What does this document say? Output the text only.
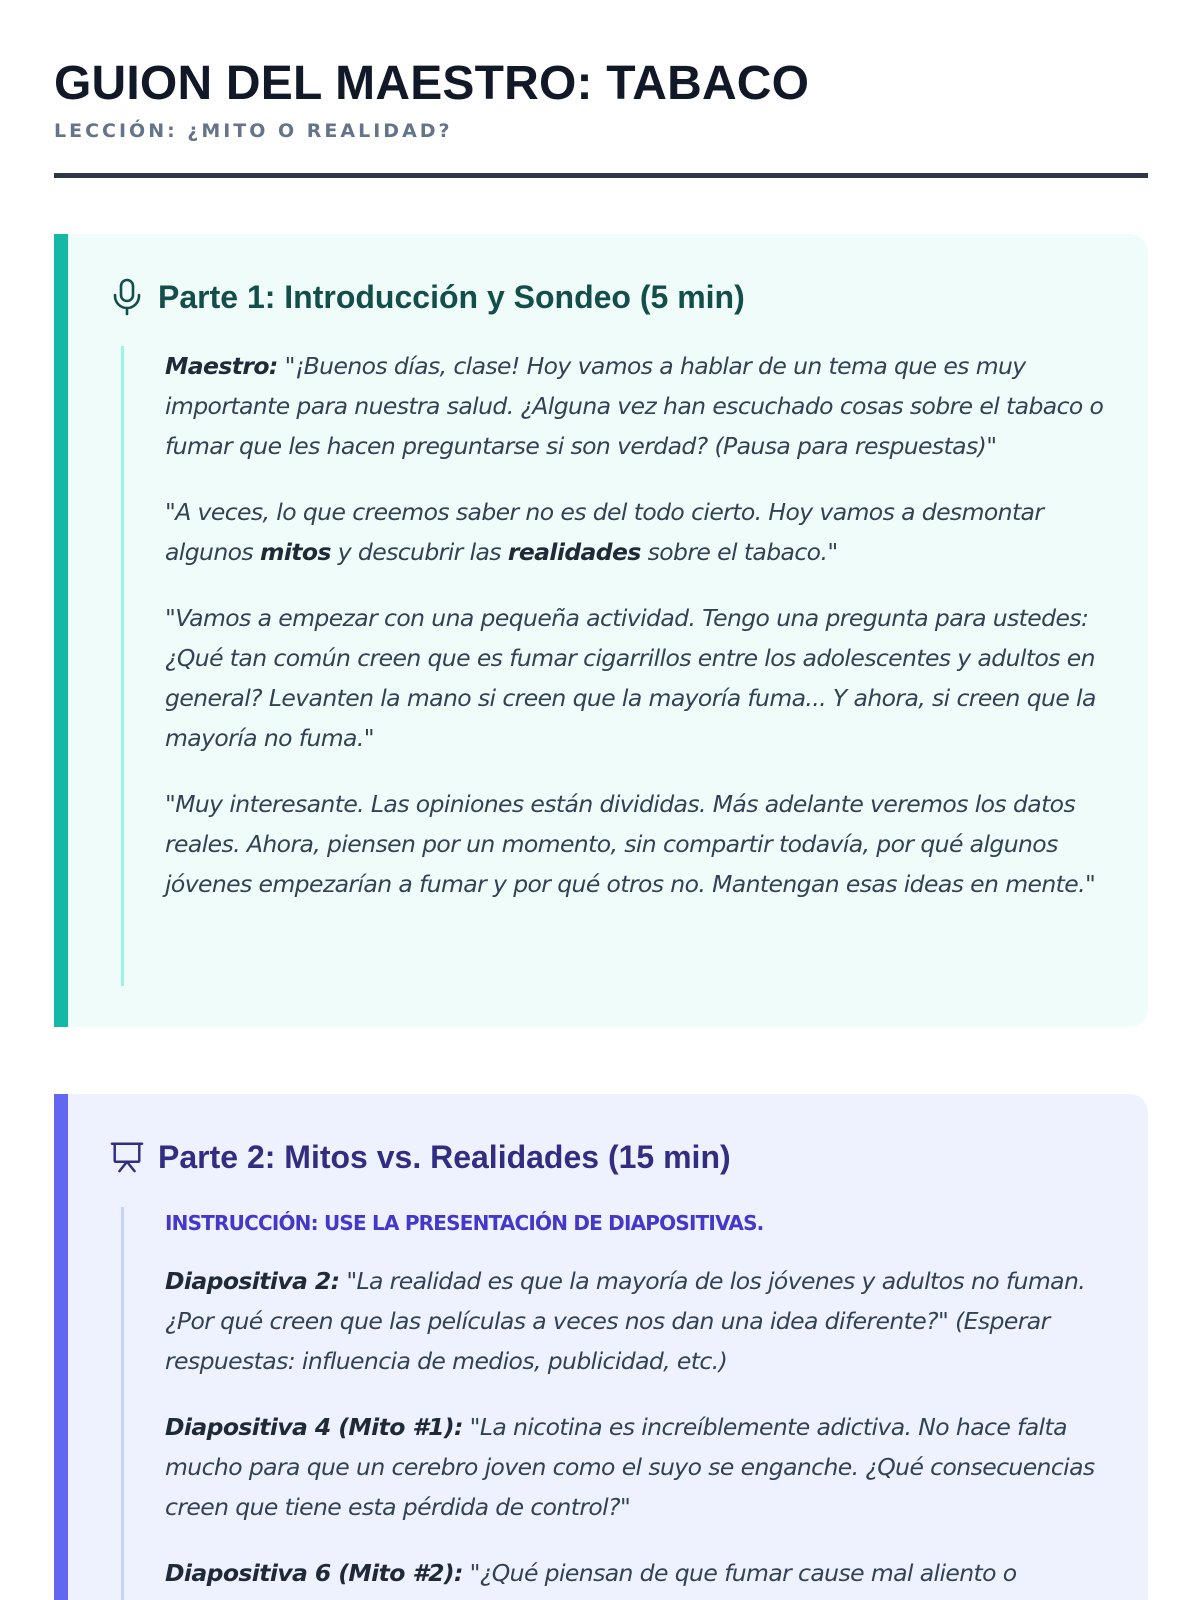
GUION DEL MAESTRO: TABACO
LECCIÓN: ¿MITO O REALIDAD?
Parte 1: Introducción y Sondeo (5 min)

Maestro: "¡Buenos días, clase! Hoy vamos a hablar de un tema que es muy importante para nuestra salud. ¿Alguna vez han escuchado cosas sobre el tabaco o fumar que les hacen preguntarse si son verdad? (Pausa para respuestas)"

"A veces, lo que creemos saber no es del todo cierto. Hoy vamos a desmontar algunos mitos y descubrir las realidades sobre el tabaco."

"Vamos a empezar con una pequeña actividad. Tengo una pregunta para ustedes: ¿Qué tan común creen que es fumar cigarrillos entre los adolescentes y adultos en general? Levanten la mano si creen que la mayoría fuma... Y ahora, si creen que la mayoría no fuma."

"Muy interesante. Las opiniones están divididas. Más adelante veremos los datos reales. Ahora, piensen por un momento, sin compartir todavía, por qué algunos jóvenes empezarían a fumar y por qué otros no. Mantengan esas ideas en mente."

Parte 2: Mitos vs. Realidades (15 min)
INSTRUCCIÓN: USE LA PRESENTACIÓN DE DIAPOSITIVAS.

Diapositiva 2: "La realidad es que la mayoría de los jóvenes y adultos no fuman. ¿Por qué creen que las películas a veces nos dan una idea diferente?" (Esperar respuestas: influencia de medios, publicidad, etc.)

Diapositiva 4 (Mito #1): "La nicotina es increíblemente adictiva. No hace falta mucho para que un cerebro joven como el suyo se enganche. ¿Qué consecuencias creen que tiene esta pérdida de control?"

Diapositiva 6 (Mito #2): "¿Qué piensan de que fumar cause mal aliento o
